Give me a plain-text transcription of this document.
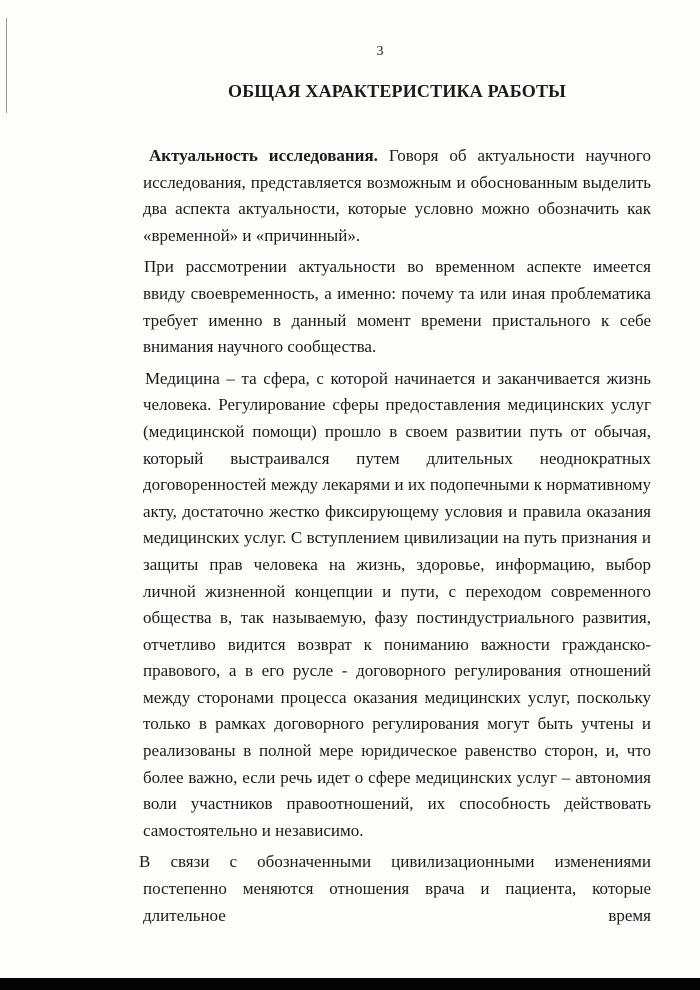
3
ОБЩАЯ ХАРАКТЕРИСТИКА РАБОТЫ

Актуальность исследования. Говоря об актуальности научного исследования, представляется возможным и обоснованным выделить два аспекта актуальности, которые условно можно обозначить как «временной» и «причинный».

При рассмотрении актуальности во временном аспекте имеется ввиду своевременность, а именно: почему та или иная проблематика требует именно в данный момент времени пристального к себе внимания научного сообщества.

Медицина – та сфера, с которой начинается и заканчивается жизнь человека. Регулирование сферы предоставления медицинских услуг (медицинской помощи) прошло в своем развитии путь от обычая, который выстраивался путем длительных неоднократных договоренностей между лекарями и их подопечными к нормативному акту, достаточно жестко фиксирующему условия и правила оказания медицинских услуг. С вступлением цивилизации на путь признания и защиты прав человека на жизнь, здоровье, информацию, выбор личной жизненной концепции и пути, с переходом современного общества в, так называемую, фазу постиндустриального развития, отчетливо видится возврат к пониманию важности гражданско-правового, а в его русле - договорного регулирования отношений между сторонами процесса оказания медицинских услуг, поскольку только в рамках договорного регулирования могут быть учтены и реализованы в полной мере юридическое равенство сторон, и, что более важно, если речь идет о сфере медицинских услуг – автономия воли участников правоотношений, их способность действовать самостоятельно и независимо.

В связи с обозначенными цивилизационными изменениями постепенно меняются отношения врача и пациента, которые длительное время
